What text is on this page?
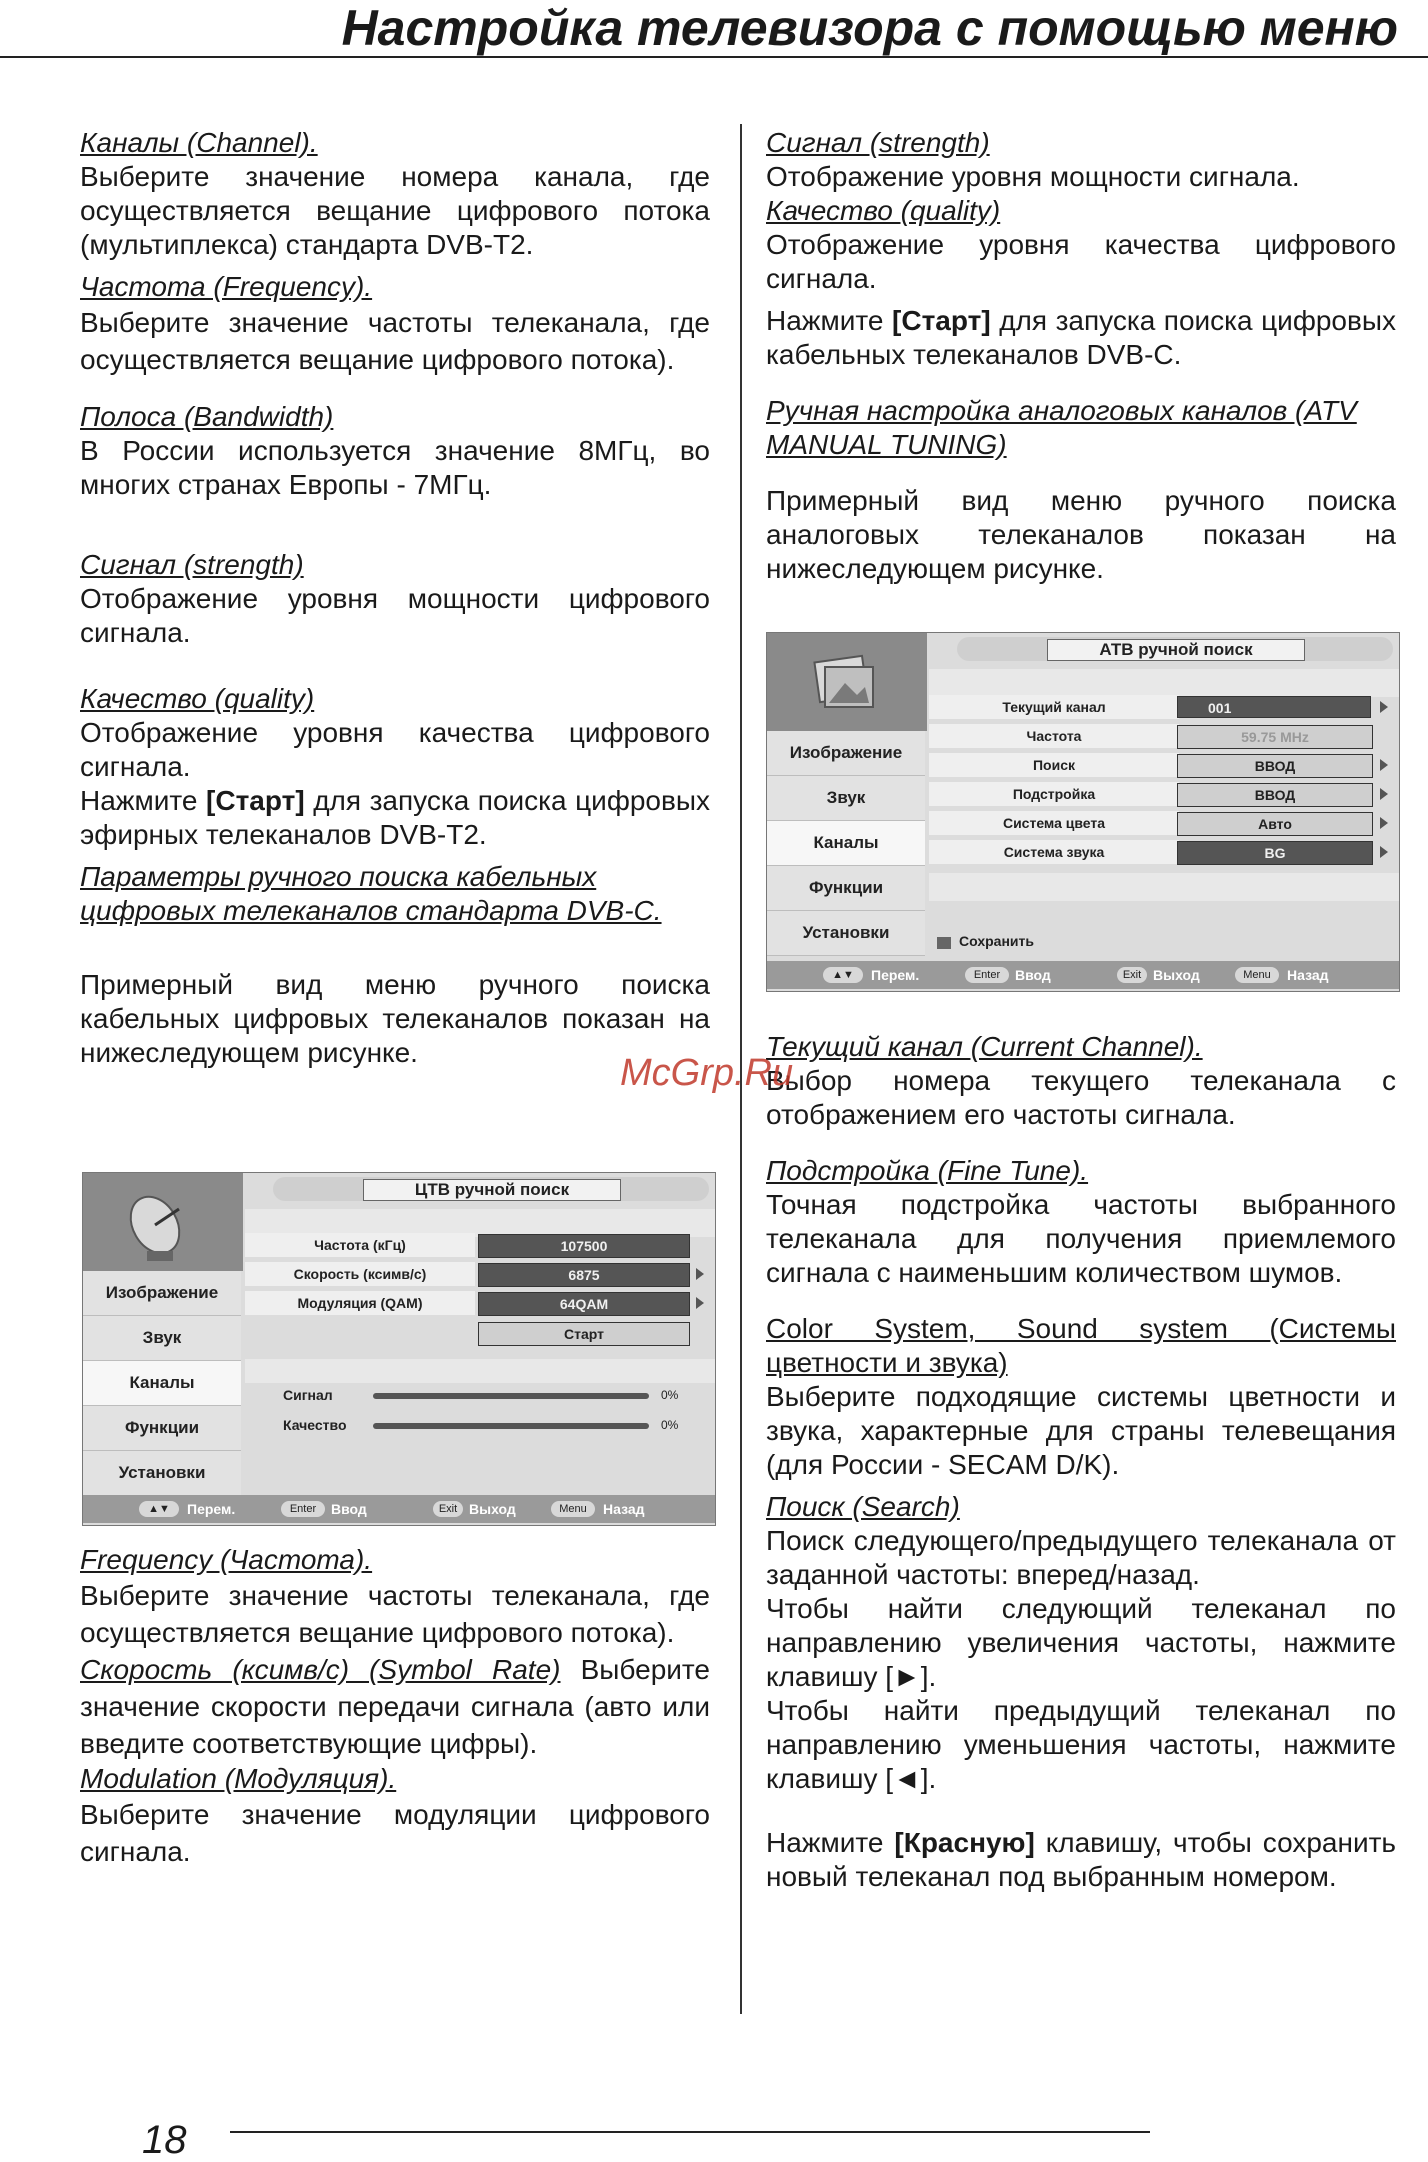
Настройка телевизора с помощью меню

Каналы (Channel).

Выберите значение номера канала, где осуществляется вещание цифрового потока (мультиплекса) стандарта DVB-T2.

Частота (Frequency).

Выберите значение частоты телеканала, где осуществляется вещание цифрового потока).

Полоса (Bandwidth)

В России используется значение 8МГц, во многих странах Европы - 7МГц.

Сигнал (strength)

Отображение уровня мощности цифрового сигнала.

Качество (quality)

Отображение уровня качества цифрового сигнала.

Нажмите [Старт] для запуска поиска цифровых эфирных телеканалов DVB-T2.

Параметры ручного поиска кабельных цифровых телеканалов стандарта DVB-C.

Примерный вид меню ручного поиска кабельных цифровых телеканалов показан на нижеследующем рисунке.

ЦТВ ручной поиск
Изображение
Звук
Каналы
Функции
Установки
Частота (кГц)	107500
Скорость (ксимв/с)	6875
Модуляция (QAM)	64QAM
Старт
Сигнал	0%
Качество	0%
▲▼	Перем.	Enter	Ввод	Exit Выход	Menu	Назад

Frequency (Частота).

Выберите значение частоты телеканала, где осуществляется вещание цифрового потока).

Скорость (ксимв/с) (Symbol Rate) Выберите значение скорости передачи сигнала (авто или введите соответствующие цифры).

Modulation (Модуляция).

Выберите значение модуляции цифрового сигнала.

Сигнал (strength)

Отображение уровня мощности сигнала.

Качество (quality)

Отображение уровня качества цифрового сигнала.

Нажмите [Старт] для запуска поиска цифровых кабельных телеканалов DVB-C.

Ручная настройка аналоговых каналов (ATV MANUAL TUNING)

Примерный вид меню ручного поиска аналоговых телеканалов показан на нижеследующем рисунке.

АТВ ручной поиск
Изображение
Звук
Каналы
Функции
Установки
Текущий канал	001
Частота	59.75 MHz
Поиск	ВВОД
Подстройка	ВВОД
Система цвета	Авто
Система звука	BG
Сохранить
▲▼	Перем.	Enter	Ввод	Exit Выход	Menu	Назад

Текущий канал (Current Channel).

Выбор номера текущего телеканала с отображением его частоты сигнала.

Подстройка (Fine Tune).

Точная подстройка частоты выбранного телеканала для получения приемлемого сигнала с наименьшим количеством шумов.

Color System, Sound system (Системы цветности и звука)

Выберите подходящие системы цветности и звука, характерные для страны телевещания (для России - SECAM D/K).

Поиск (Search)

Поиск следующего/предыдущего телеканала от заданной частоты: вперед/назад.

Чтобы найти следующий телеканал по направлению увеличения частоты, нажмите клавишу [►].

Чтобы найти предыдущий телеканал по направлению уменьшения частоты, нажмите клавишу [◄].

Нажмите [Красную] клавишу, чтобы сохранить новый телеканал под выбранным номером.

McGrp.Ru
18
